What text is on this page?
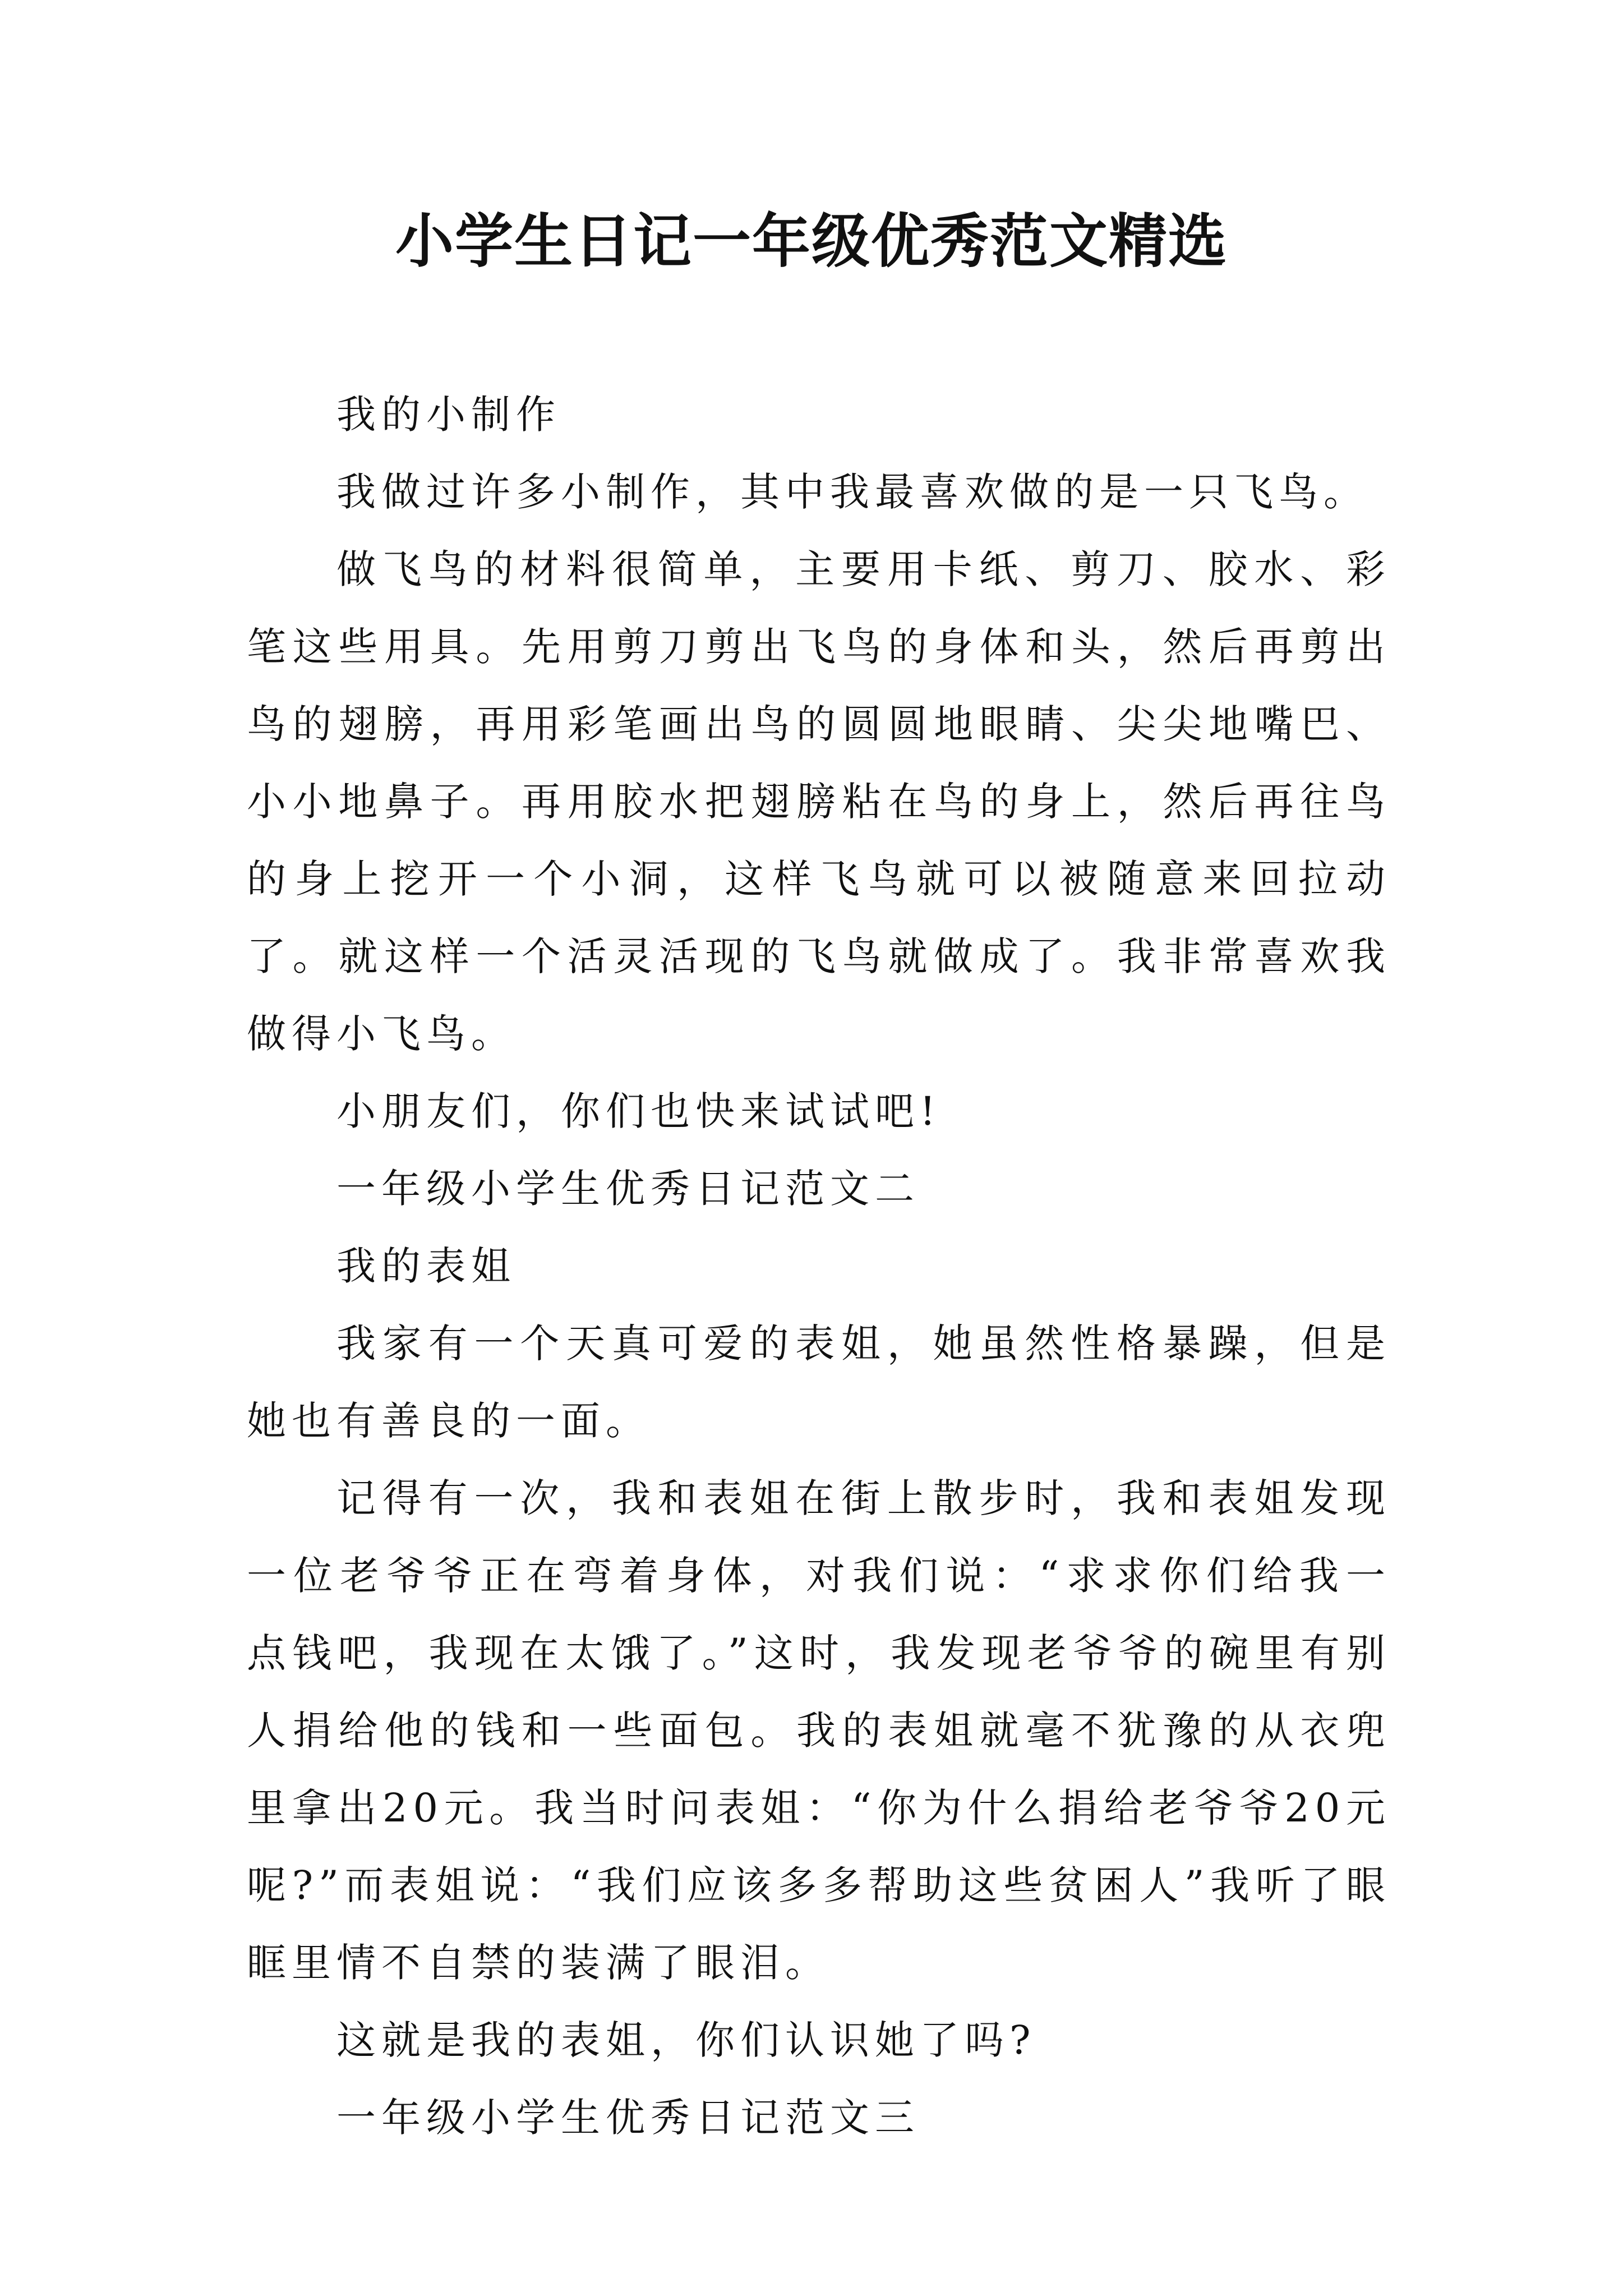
小学生日记一年级优秀范文精选

我的小制作

我做过许多小制作，其中我最喜欢做的是一只飞鸟。

做飞鸟的材料很简单，主要用卡纸、剪刀、胶水、彩笔这些用具。先用剪刀剪出飞鸟的身体和头，然后再剪出鸟的翅膀，再用彩笔画出鸟的圆圆地眼睛、尖尖地嘴巴、小小地鼻子。再用胶水把翅膀粘在鸟的身上，然后再往鸟的身上挖开一个小洞，这样飞鸟就可以被随意来回拉动了。就这样一个活灵活现的飞鸟就做成了。我非常喜欢我做得小飞鸟。

小朋友们，你们也快来试试吧!

一年级小学生优秀日记范文二

我的表姐

我家有一个天真可爱的表姐，她虽然性格暴躁，但是她也有善良的一面。

记得有一次，我和表姐在街上散步时，我和表姐发现一位老爷爷正在弯着身体，对我们说：“求求你们给我一点钱吧，我现在太饿了。”这时，我发现老爷爷的碗里有别人捐给他的钱和一些面包。我的表姐就毫不犹豫的从衣兜里拿出20元。我当时问表姐：“你为什么捐给老爷爷20元呢?”而表姐说：“我们应该多多帮助这些贫困人”我听了眼眶里情不自禁的装满了眼泪。

这就是我的表姐，你们认识她了吗?

一年级小学生优秀日记范文三
